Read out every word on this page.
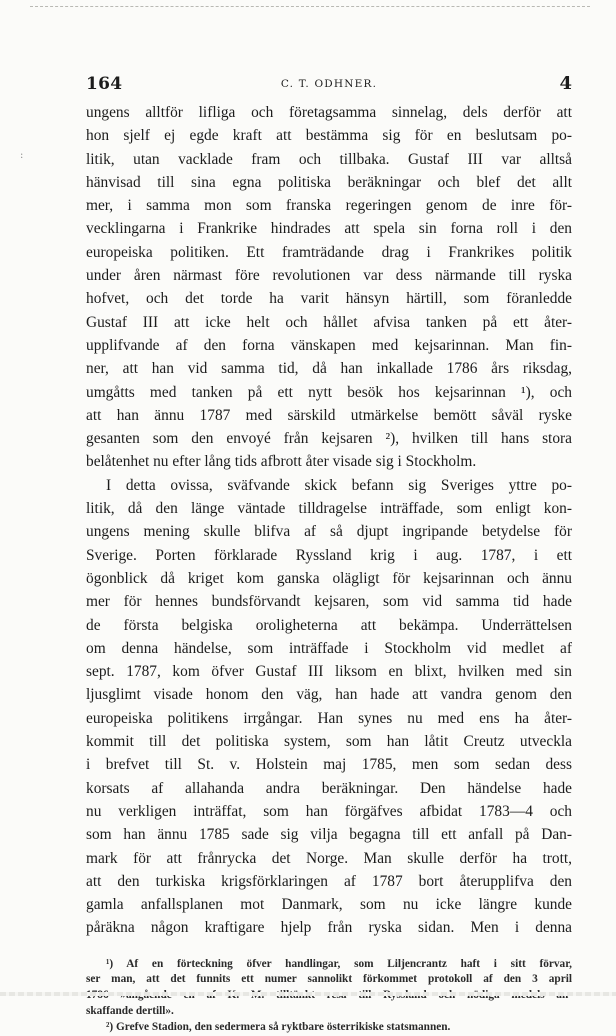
:
164	C. T. ODHNER.	4
ungens alltför lifliga och företagsamma sinnelag, dels derför att
hon sjelf ej egde kraft att bestämma sig för en beslutsam po-
litik, utan vacklade fram och tillbaka. Gustaf III var alltså
hänvisad till sina egna politiska beräkningar och blef det allt
mer, i samma mon som franska regeringen genom de inre för-
vecklingarna i Frankrike hindrades att spela sin forna roll i den
europeiska politiken. Ett framträdande drag i Frankrikes politik
under åren närmast före revolutionen var dess närmande till ryska
hofvet, och det torde ha varit hänsyn härtill, som föranledde
Gustaf III att icke helt och hållet afvisa tanken på ett åter-
upplifvande af den forna vänskapen med kejsarinnan. Man fin-
ner, att han vid samma tid, då han inkallade 1786 års riksdag,
umgåtts med tanken på ett nytt besök hos kejsarinnan ¹), och
att han ännu 1787 med särskild utmärkelse bemött såväl ryske
gesanten som den envoyé från kejsaren ²), hvilken till hans stora
belåtenhet nu efter lång tids afbrott åter visade sig i Stockholm.
I detta ovissa, sväfvande skick befann sig Sveriges yttre po-
litik, då den länge väntade tilldragelse inträffade, som enligt kon-
ungens mening skulle blifva af så djupt ingripande betydelse för
Sverige. Porten förklarade Ryssland krig i aug. 1787, i ett
ögonblick då kriget kom ganska olägligt för kejsarinnan och ännu
mer för hennes bundsförvandt kejsaren, som vid samma tid hade
de första belgiska oroligheterna att bekämpa. Underrättelsen
om denna händelse, som inträffade i Stockholm vid medlet af
sept. 1787, kom öfver Gustaf III liksom en blixt, hvilken med sin
ljusglimt visade honom den väg, han hade att vandra genom den
europeiska politikens irrgångar. Han synes nu med ens ha åter-
kommit till det politiska system, som han låtit Creutz utveckla
i brefvet till St. v. Holstein maj 1785, men som sedan dess
korsats af allahanda andra beräkningar. Den händelse hade
nu verkligen inträffat, som han förgäfves afbidat 1783—4 och
som han ännu 1785 sade sig vilja begagna till ett anfall på Dan-
mark för att frånrycka det Norge. Man skulle derför ha trott,
att den turkiska krigsförklaringen af 1787 bort återupplifva den
gamla anfallsplanen mot Danmark, som nu icke längre kunde
påräkna någon kraftigare hjelp från ryska sidan. Men i denna
¹) Af en förteckning öfver handlingar, som Liljencrantz haft i sitt förvar,
ser man, att det funnits ett numer sannolikt förkommet protokoll af den 3 april
skaffande dertill».
²) Grefve Stadion, den sedermera så ryktbare österrikiske statsmannen.
